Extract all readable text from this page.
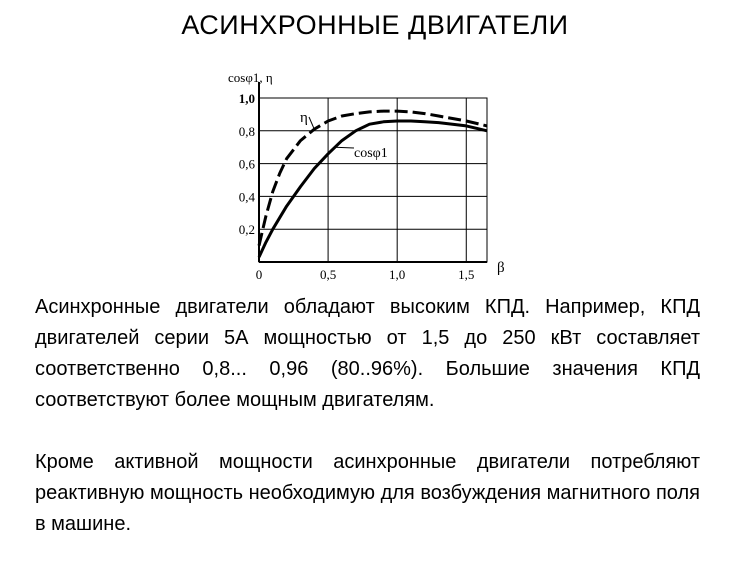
АСИНХРОННЫЕ ДВИГАТЕЛИ
0,2
0,4
0,6
0,8
1,0
0	0,5	1,0	1,5
cosφ1, η
β
η
cosφ1
Асинхронные двигатели обладают высоким КПД. Например, КПД двигателей серии 5А мощностью от 1,5 до 250 кВт составляет соответственно 0,8... 0,96 (80..96%). Большие значения КПД соответствуют более мощным двигателям.
Кроме активной мощности асинхронные двигатели потребляют реактивную мощность необходимую для возбуждения магнитного поля в машине.
